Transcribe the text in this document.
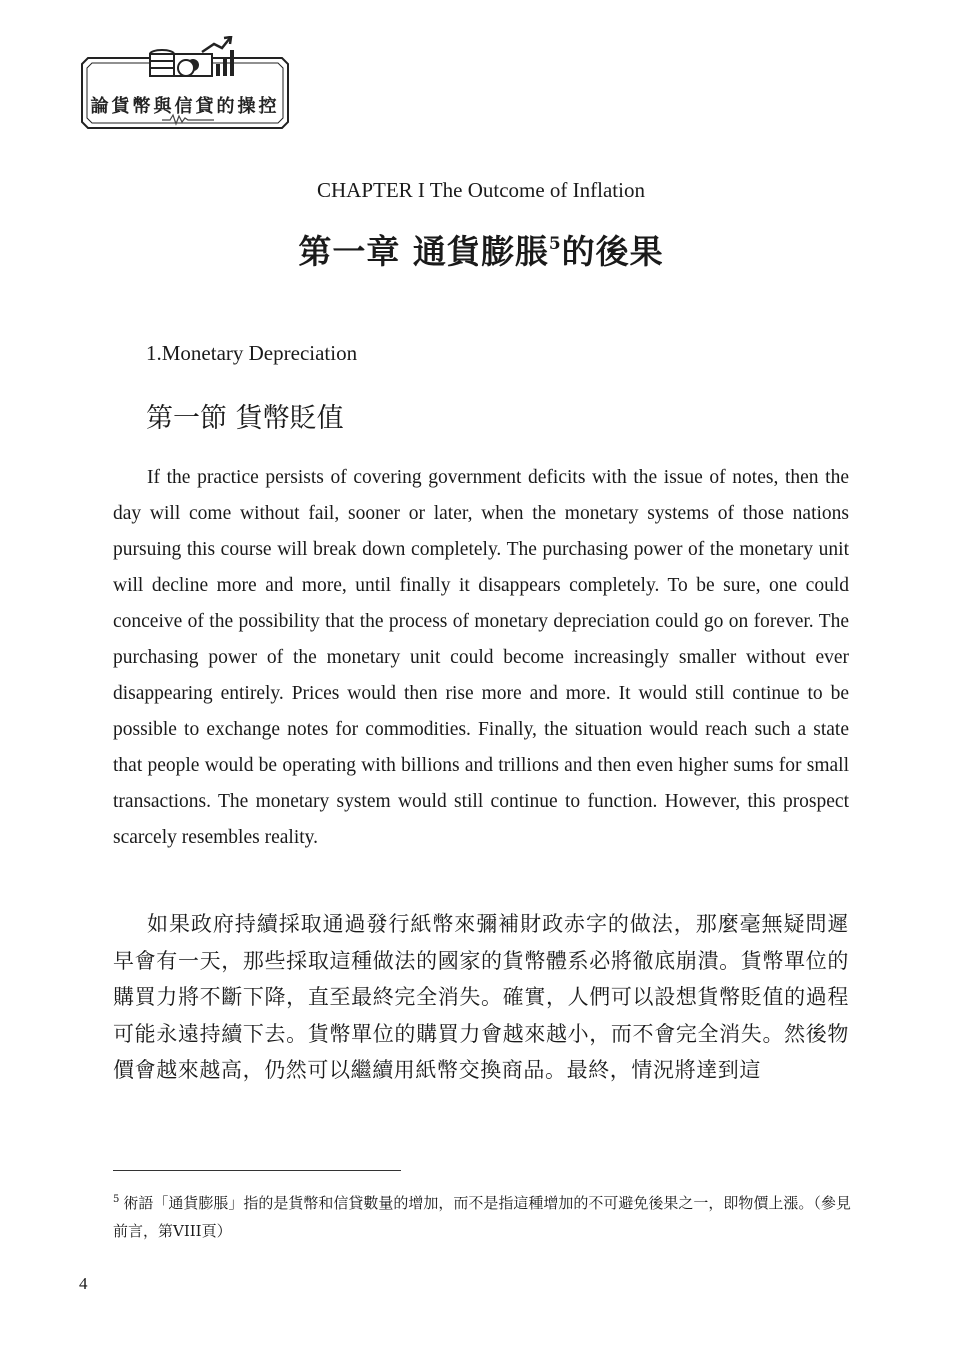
論貨幣與信貸的操控
CHAPTER I The Outcome of Inflation
第一章 通貨膨脹$^5$的後果
1.Monetary Depreciation
第一節 貨幣貶值

If the practice persists of covering government deficits with the issue of notes, then the day will come without fail, sooner or later, when the monetary systems of those nations pursuing this course will break down completely. The purchasing power of the monetary unit will decline more and more, until finally it disappears completely. To be sure, one could conceive of the possibility that the process of monetary depreciation could go on forever. The purchasing power of the monetary unit could become increasingly smaller without ever disappearing entirely. Prices would then rise more and more. It would still continue to be possible to exchange notes for commodities. Finally, the situation would reach such a state that people would be operating with billions and trillions and then even higher sums for small transactions. The monetary system would still continue to function. However, this prospect scarcely resembles reality.

如果政府持續採取通過發行紙幣來彌補財政赤字的做法，那麼毫無疑問遲早會有一天，那些採取這種做法的國家的貨幣體系必將徹底崩潰。貨幣單位的購買力將不斷下降，直至最終完全消失。確實，人們可以設想貨幣貶值的過程可能永遠持續下去。貨幣單位的購買力會越來越小，而不會完全消失。然後物價會越來越高，仍然可以繼續用紙幣交換商品。最終，情況將達到這

$^5$ 術語「通貨膨脹」指的是貨幣和信貸數量的增加，而不是指這種增加的不可避免後果之一，即物價上漲。（參見前言，第VIII頁）

4
